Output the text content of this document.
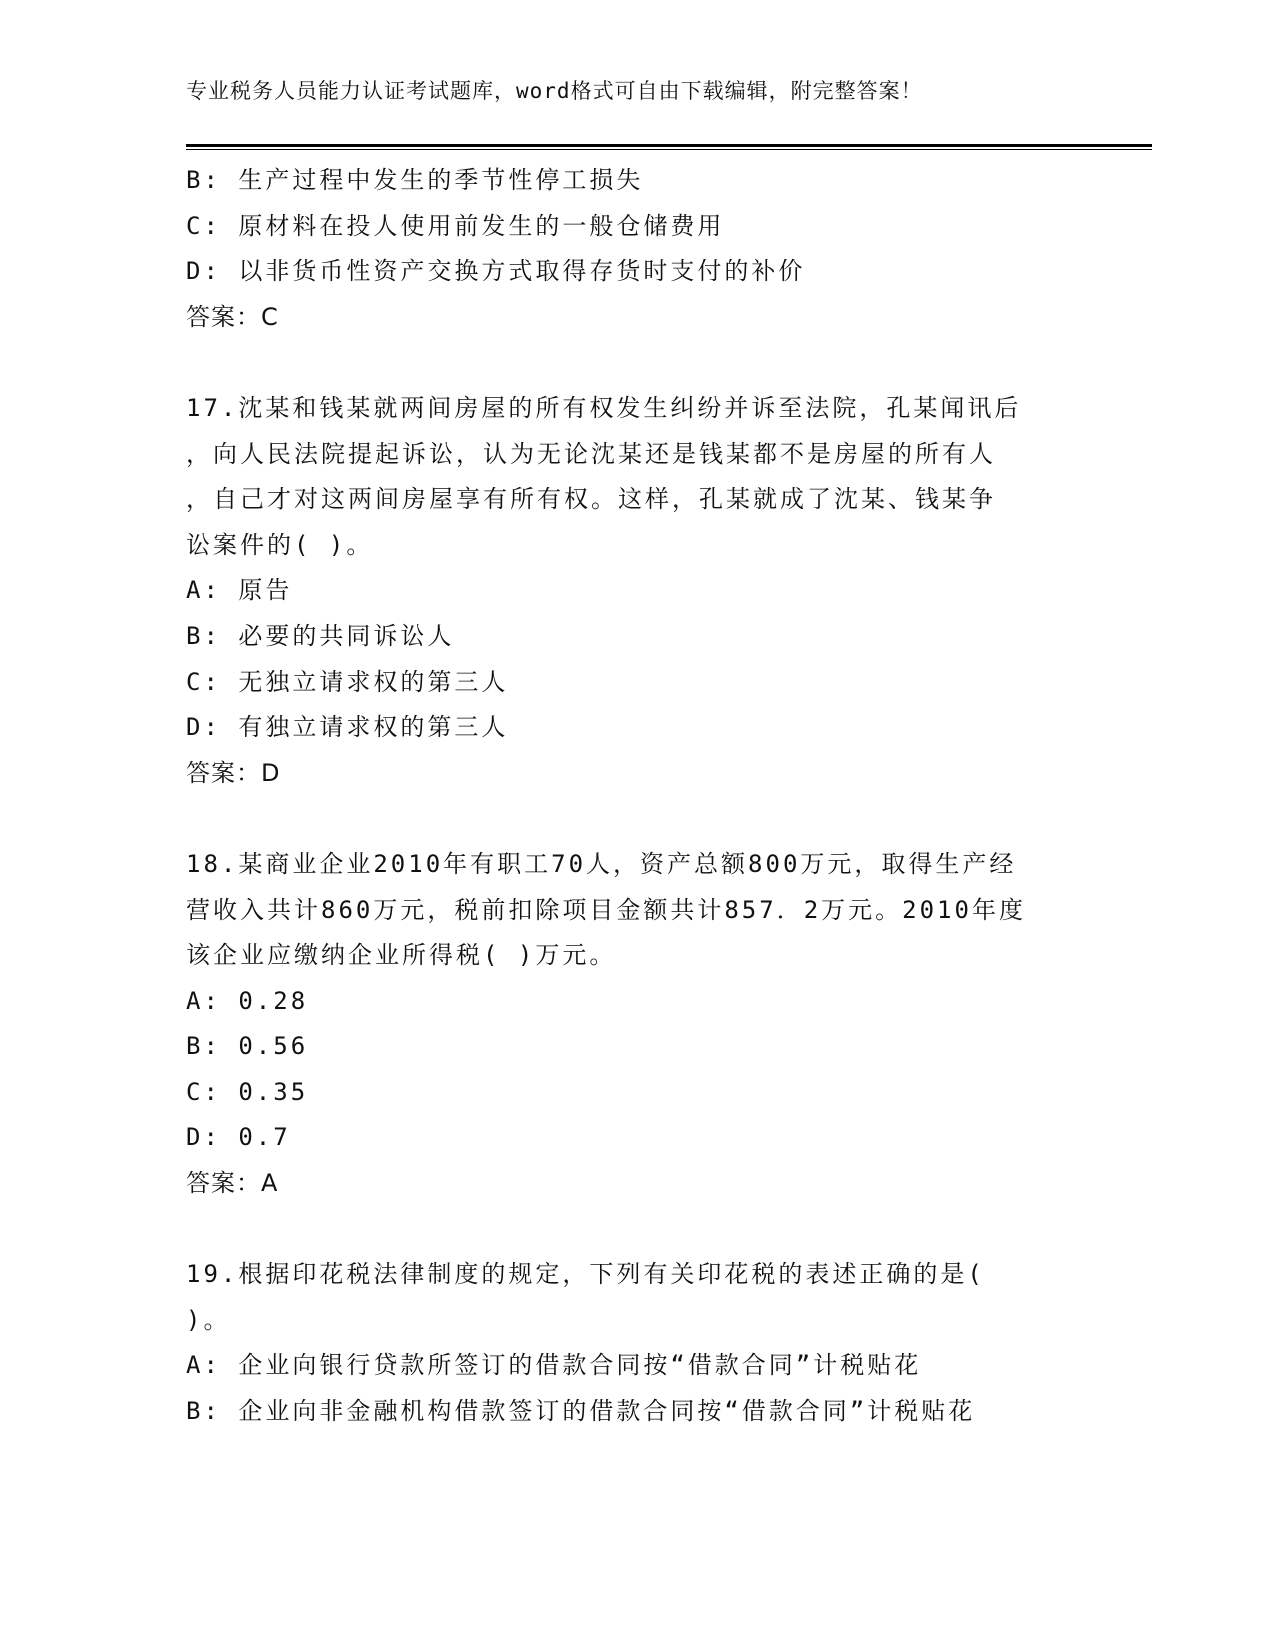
专业税务人员能力认证考试题库，word格式可自由下载编辑，附完整答案！
B: 生产过程中发生的季节性停工损失
C: 原材料在投人使用前发生的一般仓储费用
D: 以非货币性资产交换方式取得存货时支付的补价
答案：C
17.沈某和钱某就两间房屋的所有权发生纠纷并诉至法院，孔某闻讯后
，向人民法院提起诉讼，认为无论沈某还是钱某都不是房屋的所有人
，自己才对这两间房屋享有所有权。这样，孔某就成了沈某、钱某争
讼案件的( )。
A: 原告
B: 必要的共同诉讼人
C: 无独立请求权的第三人
D: 有独立请求权的第三人
答案：D
18.某商业企业2010年有职工70人，资产总额800万元，取得生产经
营收入共计860万元，税前扣除项目金额共计857．2万元。2010年度
该企业应缴纳企业所得税( )万元。
A: 0.28
B: 0.56
C: 0.35
D: 0.7
答案：A
19.根据印花税法律制度的规定，下列有关印花税的表述正确的是(
)。
A: 企业向银行贷款所签订的借款合同按“借款合同”计税贴花
B: 企业向非金融机构借款签订的借款合同按“借款合同”计税贴花
